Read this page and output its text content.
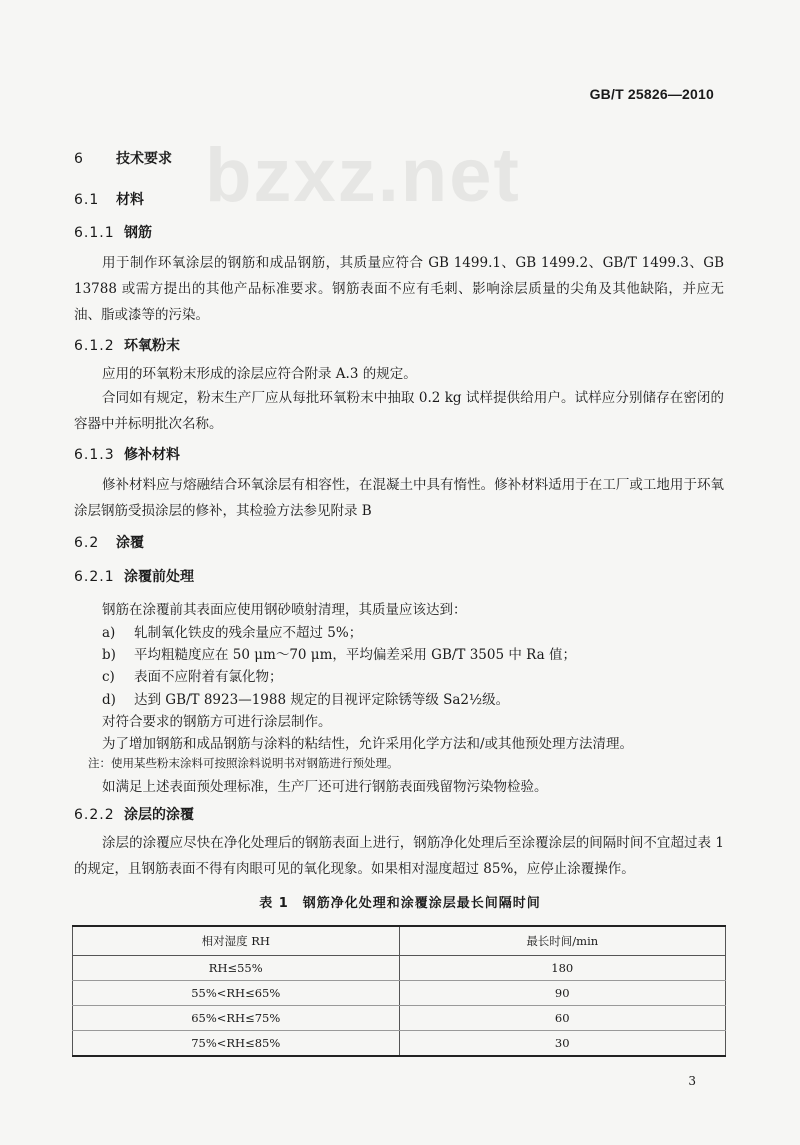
bzxz.net
GB/T 25826—2010
6 技术要求
6.1 材料
6.1.1 钢筋
用于制作环氧涂层的钢筋和成品钢筋，其质量应符合 GB 1499.1、GB 1499.2、GB/T 1499.3、GB 13788 或需方提出的其他产品标准要求。钢筋表面不应有毛刺、影响涂层质量的尖角及其他缺陷，并应无油、脂或漆等的污染。
6.1.2 环氧粉末
应用的环氧粉末形成的涂层应符合附录 A.3 的规定。
合同如有规定，粉末生产厂应从每批环氧粉末中抽取 0.2 kg 试样提供给用户。试样应分别储存在密闭的容器中并标明批次名称。
6.1.3 修补材料
修补材料应与熔融结合环氧涂层有相容性，在混凝土中具有惰性。修补材料适用于在工厂或工地用于环氧涂层钢筋受损涂层的修补，其检验方法参见附录 B
6.2 涂覆
6.2.1 涂覆前处理
钢筋在涂覆前其表面应使用钢砂喷射清理，其质量应该达到：
a) 轧制氧化铁皮的残余量应不超过 5%；
b) 平均粗糙度应在 50 μm～70 μm，平均偏差采用 GB/T 3505 中 Ra 值；
c) 表面不应附着有氯化物；
d) 达到 GB/T 8923—1988 规定的目视评定除锈等级 Sa2½级。
对符合要求的钢筋方可进行涂层制作。
为了增加钢筋和成品钢筋与涂料的粘结性，允许采用化学方法和/或其他预处理方法清理。
注：使用某些粉末涂料可按照涂料说明书对钢筋进行预处理。
如满足上述表面预处理标准，生产厂还可进行钢筋表面残留物污染物检验。
6.2.2 涂层的涂覆
涂层的涂覆应尽快在净化处理后的钢筋表面上进行，钢筋净化处理后至涂覆涂层的间隔时间不宜超过表 1 的规定，且钢筋表面不得有肉眼可见的氧化现象。如果相对湿度超过 85%，应停止涂覆操作。
表 1　钢筋净化处理和涂覆涂层最长间隔时间
相对湿度 RH	最长时间/min
RH≤55%	180
55%<RH≤65%	90
65%<RH≤75%	60
75%<RH≤85%	30
3
